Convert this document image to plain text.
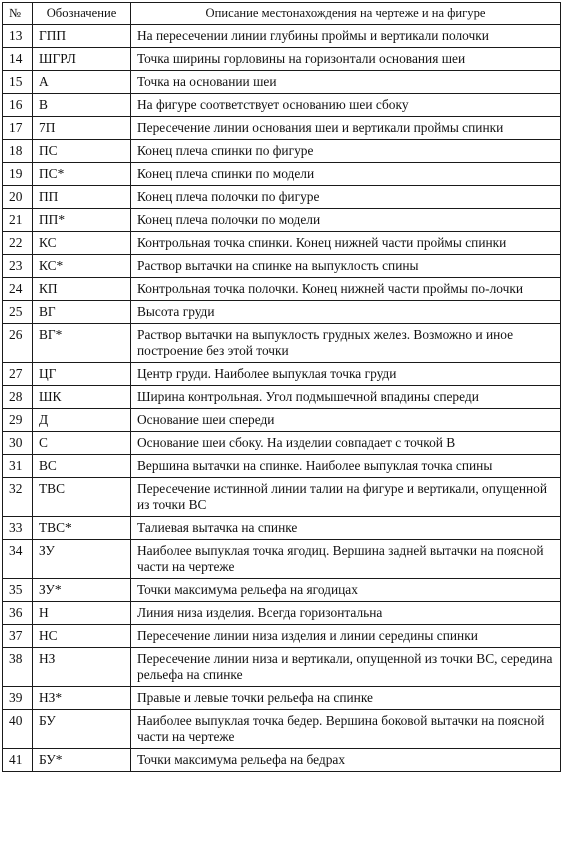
№	Обозначение	Описание местонахождения на чертеже и на фигуре
13	ГПП	На пересечении линии глубины проймы и вертикали полочки
14	ШГРЛ	Точка ширины горловины на горизонтали основания шеи
15	А	Точка на основании шеи
16	В	На фигуре соответствует основанию шеи сбоку
17	7П	Пересечение линии основания шеи и вертикали проймы спинки
18	ПС	Конец плеча спинки по фигуре
19	ПС*	Конец плеча спинки по модели
20	ПП	Конец плеча полочки по фигуре
21	ПП*	Конец плеча полочки по модели
22	КС	Контрольная точка спинки. Конец нижней части проймы спинки
23	КС*	Раствор вытачки на спинке на выпуклость спины
24	КП	Контрольная точка полочки. Конец нижней части проймы по-лочки
25	ВГ	Высота груди
26	ВГ*	Раствор вытачки на выпуклость грудных желез. Возможно и иное построение без этой точки
27	ЦГ	Центр груди. Наиболее выпуклая точка груди
28	ШК	Ширина контрольная. Угол подмышечной впадины спереди
29	Д	Основание шеи спереди
30	С	Основание шеи сбоку. На изделии совпадает с точкой В
31	ВС	Вершина вытачки на спинке. Наиболее выпуклая точка спины
32	ТВС	Пересечение истинной линии талии на фигуре и вертикали, опущенной из точки ВС
33	ТВС*	Талиевая вытачка на спинке
34	ЗУ	Наиболее выпуклая точка ягодиц. Вершина задней вытачки на поясной части на чертеже
35	ЗУ*	Точки максимума рельефа на ягодицах
36	Н	Линия низа изделия. Всегда горизонтальна
37	НС	Пересечение линии низа изделия и линии середины спинки
38	НЗ	Пересечение линии низа и вертикали, опущенной из точки ВС, середина рельефа на спинке
39	НЗ*	Правые и левые точки рельефа на спинке
40	БУ	Наиболее выпуклая точка бедер. Вершина боковой вытачки на поясной части на чертеже
41	БУ*	Точки максимума рельефа на бедрах
